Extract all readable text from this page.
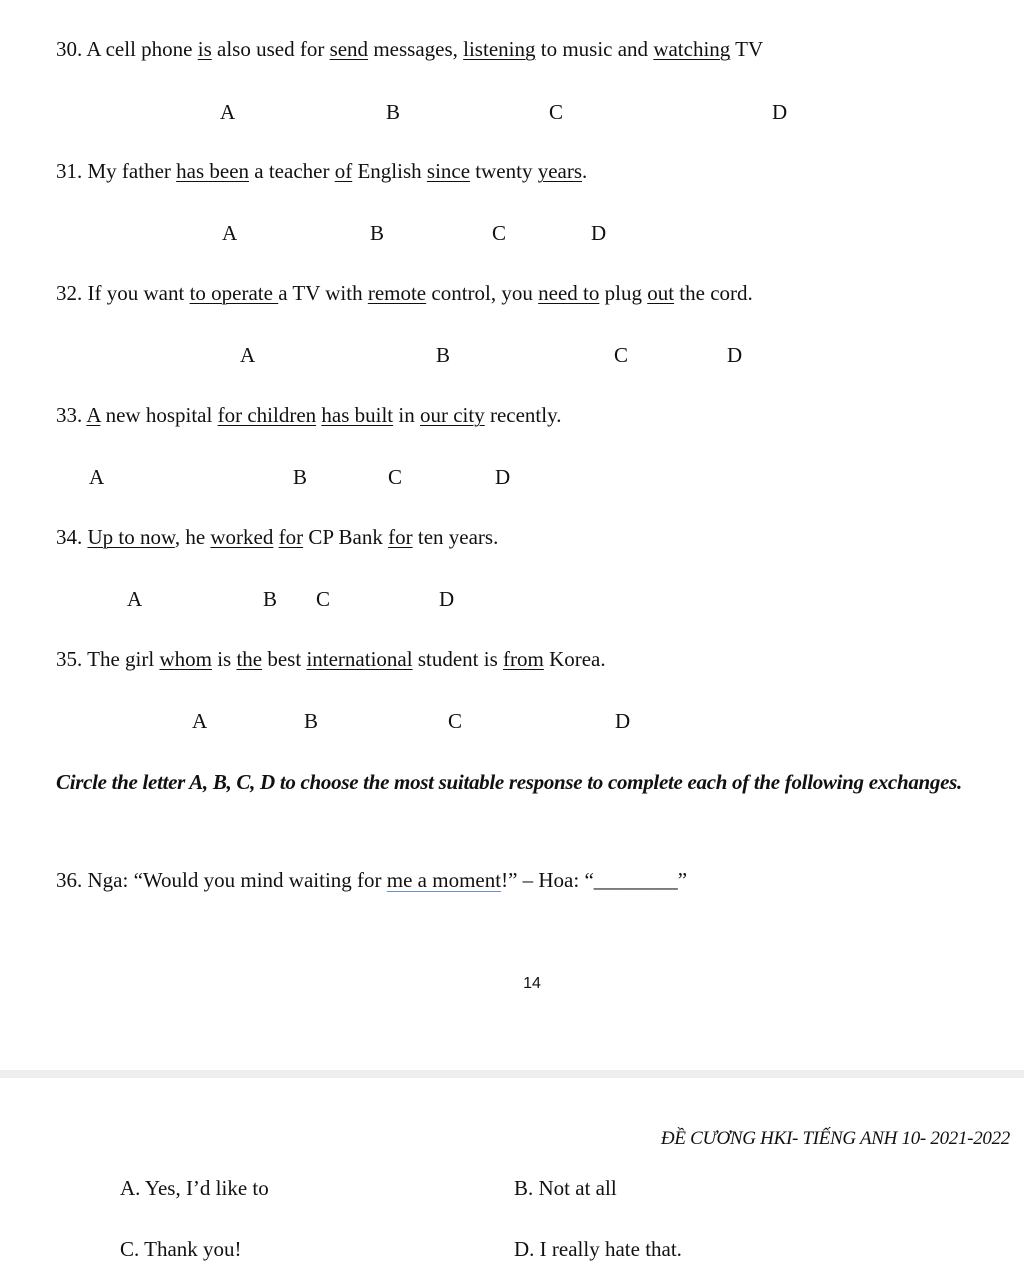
30. A cell phone is also used for send messages, listening to music and watching TV
A	B	C	D
31. My father has been a teacher of English since twenty years.
A	B	C	D
32. If you want to operate a TV with remote control, you need to plug out the cord.
A	B	C	D
33. A new hospital for children has built in our city recently.
A	B	C	D
34. Up to now, he worked for CP Bank for ten years.
A	B C	D
35. The girl whom is the best international student is from Korea.
A	B	C	D
Circle the letter A, B, C, D to choose the most suitable response to complete each of the following exchanges.
36. Nga: “Would you mind waiting for me a moment!” – Hoa: “________”
14
ĐỀ CƯƠNG HKI- TIẾNG ANH 10- 2021-2022
A. Yes, I’d like to	B. Not at all
C. Thank you!	D. I really hate that.
